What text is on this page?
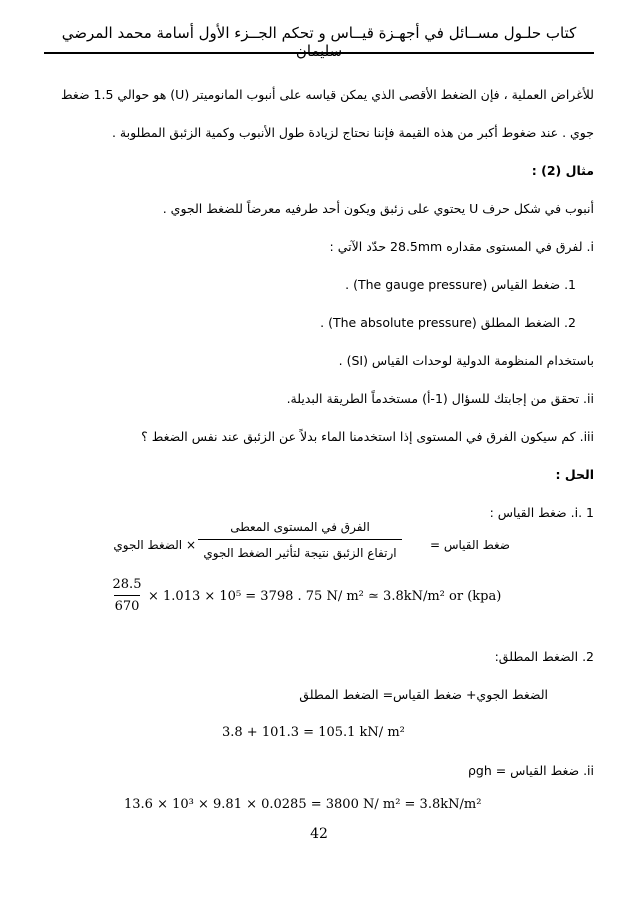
كتاب حلـول مســائل في أجهـزة قيــاس و تحكم الجــزء الأول أسامة محمد المرضي سليمان
للأغراض العملية ، فإن الضغط الأقصى الذي يمكن قياسه على أنبوب المانوميتر (U) هو حوالي 1.5 ضغط
جوي . عند ضغوط أكبر من هذه القيمة فإننا نحتاج لزيادة طول الأنبوب وكمية الزئبق المطلوبة .
مثال (2) :
أنبوب في شكل حرف U يحتوي على زئبق ويكون أحد طرفيه معرضاً للضغط الجوي .
i. لفرق في المستوى مقداره 28.5mm حدّد الآتي :
1. ضغط القياس (The gauge pressure) .
2. الضغط المطلق (The absolute pressure) .
باستخدام المنظومة الدولية لوحدات القياس (SI) .
ii. تحقق من إجابتك للسؤال (1-أ) مستخدماً الطريقة البديلة.
iii. كم سيكون الفرق في المستوى إذا استخدمنا الماء بدلاً عن الزئبق عند نفس الضغط ؟
الحل :
i. 1. ضغط القياس :
ضغط القياس =
الفرق في المستوى المعطى
ارتفاع الزئبق نتيجة لتأثير الضغط الجوي
× الضغط الجوي
28.5
670
× 1.013 × 10⁵ = 3798 . 75 N/ m² ≃ 3.8kN/m² or (kpa)
2. الضغط المطلق:
الضغط الجوي+ ضغط القياس= الضغط المطلق
3.8 + 101.3 = 105.1 kN/ m²
ii. ضغط القياس = ρgh
13.6 × 10³ × 9.81 × 0.0285 = 3800 N/ m² = 3.8kN/m²
42
